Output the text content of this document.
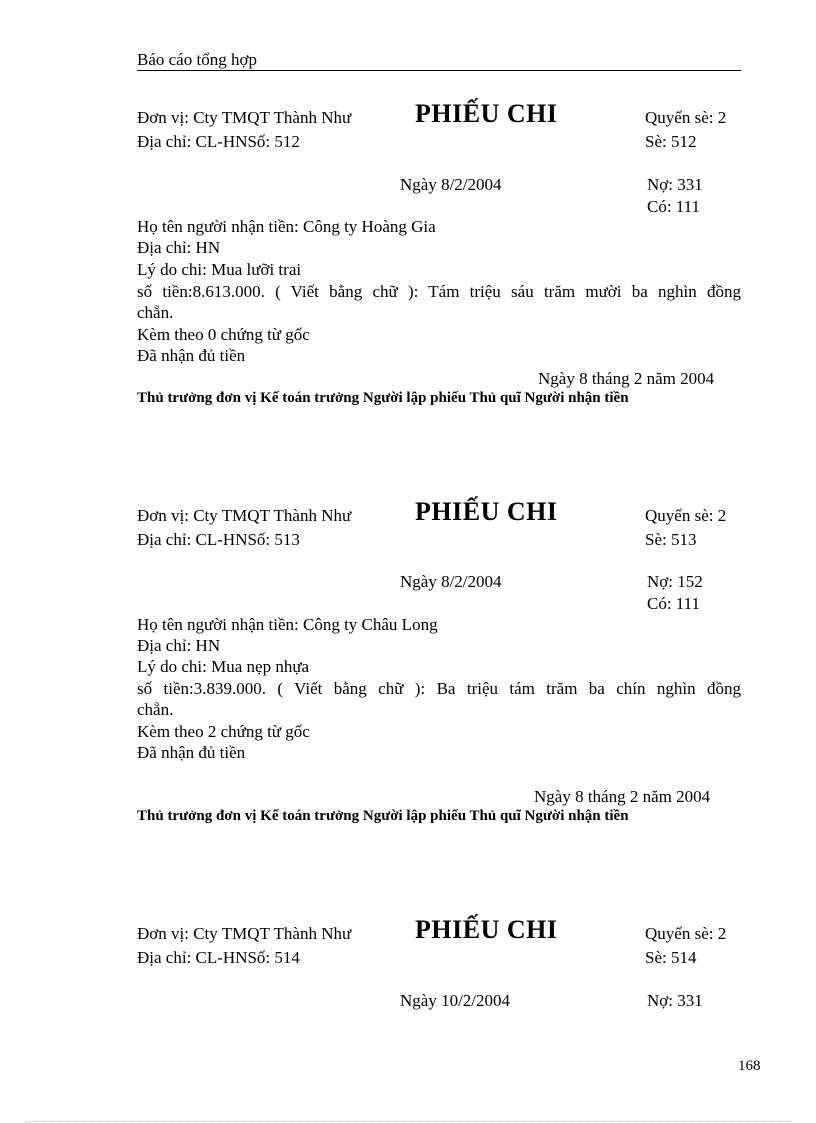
Báo cáo tổng hợp
Đơn vị: Cty TMQT Thành Như PHIẾU CHI	Quyển sè: 2
Địa chỉ: CL-HNSố: 512	Sè: 512
Ngày 8/2/2004	Nợ: 331
Có: 111
Họ tên người nhận tiền: Công ty Hoàng Gia
Địa chỉ: HN
Lý do chi: Mua lưỡi trai
số tiền:8.613.000. ( Viết bằng chữ ): Tám triệu sáu trăm mười ba nghìn đồng
chẵn.
Kèm theo 0 chứng từ gốc
Đã nhận đủ tiền
Ngày 8 tháng 2 năm 2004
Thủ trưởng đơn vị Kế toán trưởng Người lập phiếu Thủ quĩ Người nhận tiền
Đơn vị: Cty TMQT Thành Như PHIẾU CHI	Quyển sè: 2
Địa chỉ: CL-HNSố: 513	Sè: 513
Ngày 8/2/2004	Nợ: 152
Có: 111
Họ tên người nhận tiền: Công ty Châu Long
Địa chỉ: HN
Lý do chi: Mua nẹp nhựa
số tiền:3.839.000. ( Viết bằng chữ ): Ba triệu tám trăm ba chín nghìn đồng
chẵn.
Kèm theo 2 chứng từ gốc
Đã nhận đủ tiền
Ngày 8 tháng 2 năm 2004
Thủ trưởng đơn vị Kế toán trưởng Người lập phiếu Thủ quĩ Người nhận tiền
Đơn vị: Cty TMQT Thành Như PHIẾU CHI	Quyển sè: 2
Địa chỉ: CL-HNSố: 514	Sè: 514
Ngày 10/2/2004	Nợ: 331
168
